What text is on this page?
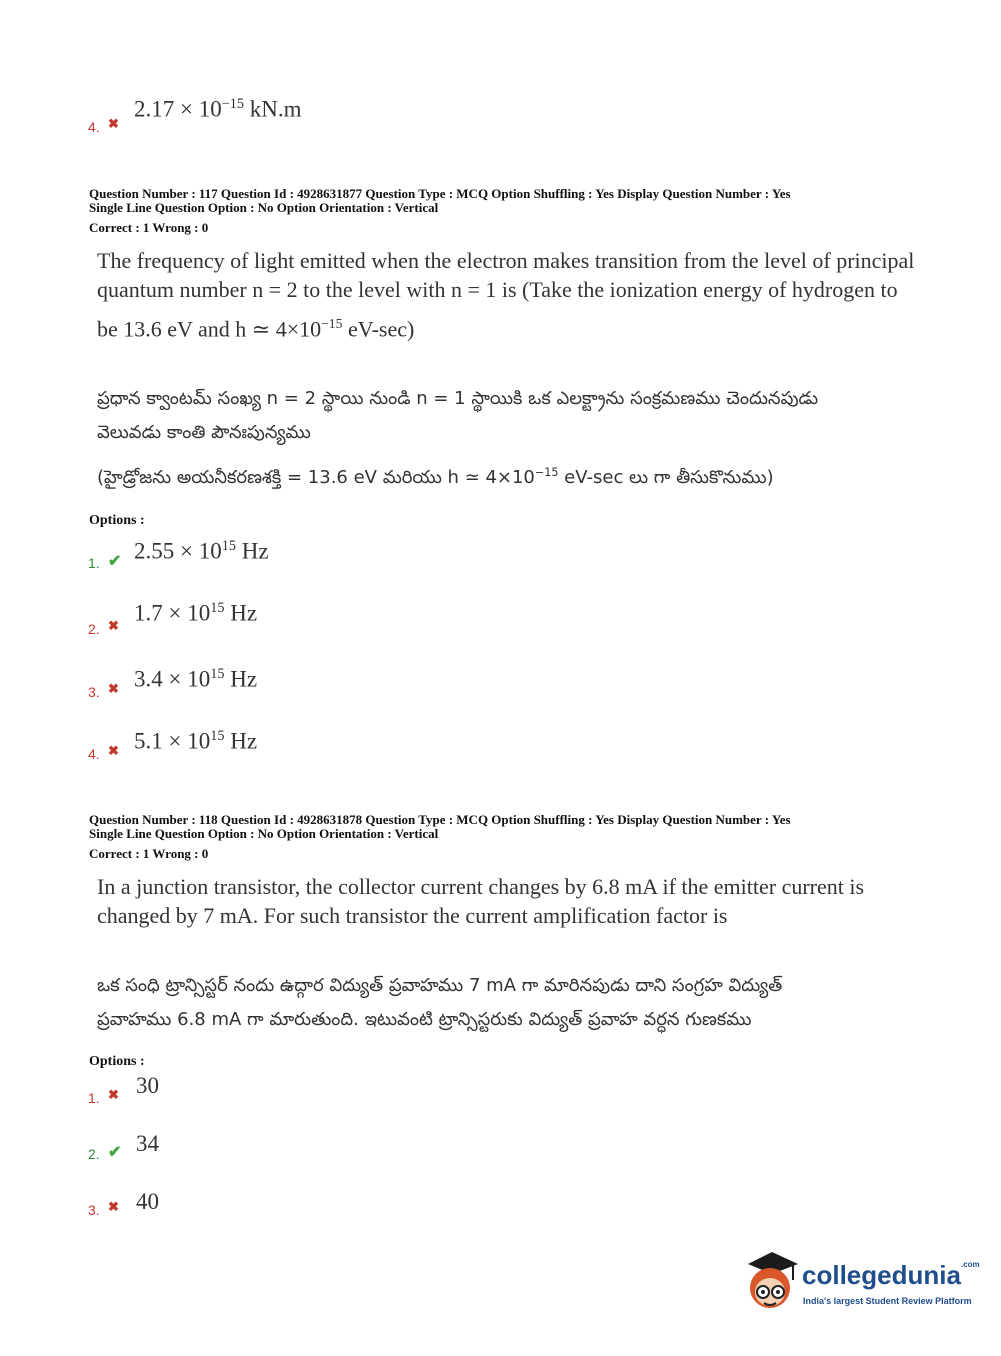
4. ✖
$2.17 \times 10^{-15}$ kN.m
Question Number : 117 Question Id : 4928631877 Question Type : MCQ Option Shuffling : Yes Display Question Number : Yes
Single Line Question Option : No Option Orientation : Vertical
Correct : 1 Wrong : 0
The frequency of light emitted when the electron makes transition from the level of principal
quantum number n = 2 to the level with n = 1 is (Take the ionization energy of hydrogen to
be 13.6 eV and h ≃ $4\times 10^{-15}$ eV-sec)
ప్రధాన క్వాంటమ్ సంఖ్య n = 2 స్థాయి నుండి n = 1 స్థాయికి ఒక ఎలక్ట్రాను సంక్రమణము చెందునపుడు
వెలువడు కాంతి పౌనఃపున్యము
(హైడ్రోజను అయనీకరణశక్తి = 13.6 eV మరియు h ≃ $4\times 10^{-15}$ eV-sec లు గా తీసుకొనుము)
Options :
1. ✔ $2.55 \times 10^{15}$ Hz
2. ✖ $1.7 \times 10^{15}$ Hz
3. ✖ $3.4 \times 10^{15}$ Hz
4. ✖ $5.1 \times 10^{15}$ Hz
Question Number : 118 Question Id : 4928631878 Question Type : MCQ Option Shuffling : Yes Display Question Number : Yes
Single Line Question Option : No Option Orientation : Vertical
Correct : 1 Wrong : 0
In a junction transistor, the collector current changes by 6.8 mA if the emitter current is
changed by 7 mA. For such transistor the current amplification factor is
ఒక సంధి ట్రాన్సిస్టర్ నందు ఉద్గార విద్యుత్ ప్రవాహము 7 mA గా మారినపుడు దాని సంగ్రహ విద్యుత్
ప్రవాహము 6.8 mA గా మారుతుంది. ఇటువంటి ట్రాన్సిస్టరుకు విద్యుత్ ప్రవాహ వర్ధన గుణకము
Options :
1. ✖ 30
2. ✔ 34
3. ✖ 40
collegedunia$^{.com}$
India's largest Student Review Platform
